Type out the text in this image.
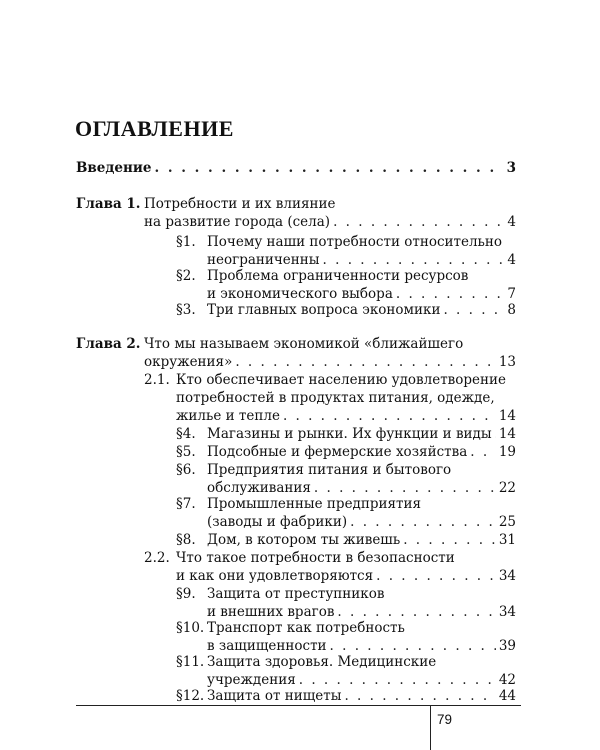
ОГЛАВЛЕНИЕ
Введение . . .	3
Глава 1. Потребности и их влияние
на развитие города (села) . . .	4
§1. Почему наши потребности относительно
неограниченны . . .	4
§2. Проблема ограниченности ресурсов
и экономического выбора . . .	7
§3. Три главных вопроса экономики . . .	8
Глава 2. Что мы называем экономикой «ближайшего
окружения» . . .	13
2.1. Кто обеспечивает населению удовлетворение
потребностей в продуктах питания, одежде,
жилье и тепле . . .	14
§4. Магазины и рынки. Их функции и виды . . . 14
§5. Подсобные и фермерские хозяйства . . . 19
§6. Предприятия питания и бытового
обслуживания . . .	22
§7. Промышленные предприятия
(заводы и фабрики) . . .	25
§8. Дом, в котором ты живешь . . .	31
2.2. Что такое потребности в безопасности
и как они удовлетворяются . . .	34
§9. Защита от преступников
и внешних врагов . . .	34
§10. Транспорт как потребность
в защищенности . . .	39
§11. Защита здоровья. Медицинские
учреждения . . .	42
§12. Защита от нищеты . . .	44
79
